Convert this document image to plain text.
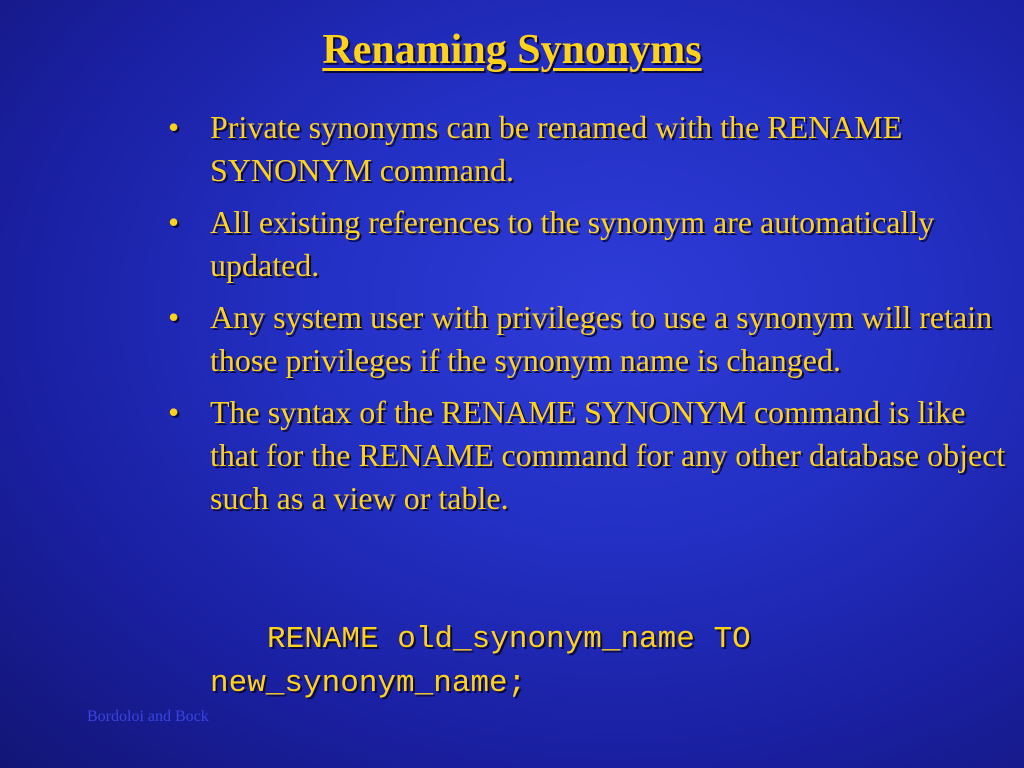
Renaming Synonyms
• Private synonyms can be renamed with the RENAME SYNONYM command.
• All existing references to the synonym are automatically updated.
• Any system user with privileges to use a synonym will retain those privileges if the synonym name is changed.
• The syntax of the RENAME SYNONYM command is like that for the RENAME command for any other database object such as a view or table.
RENAME old_synonym_name TO
new_synonym_name;
Bordoloi and Bock
